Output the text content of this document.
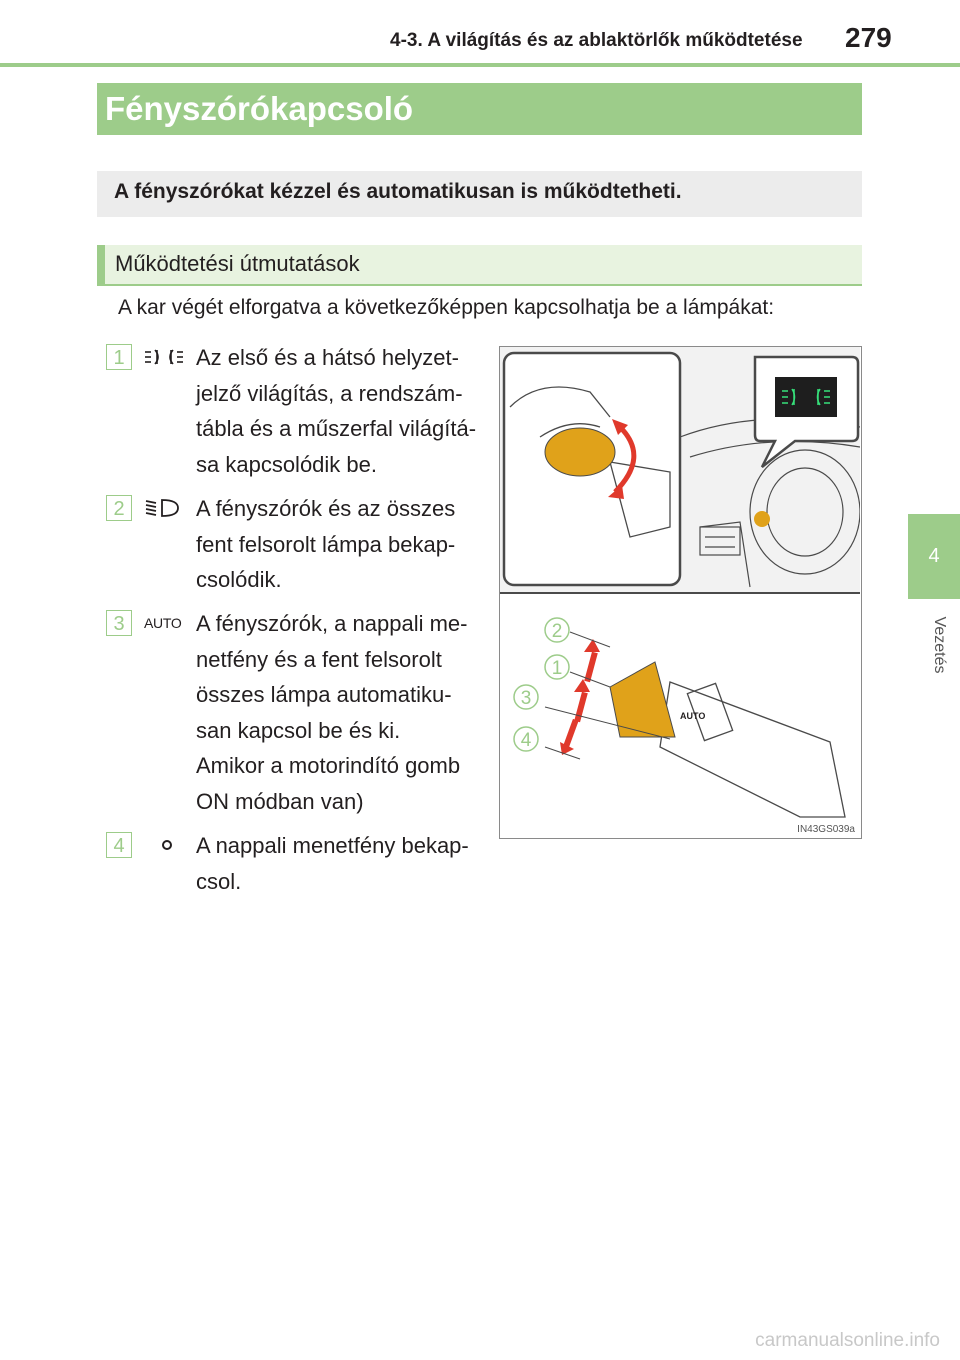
4-3. A világítás és az ablaktörlők működtetése 279
Fényszórókapcsoló
A fényszórókat kézzel és automatikusan is működtetheti.
Működtetési útmutatások
A kar végét elforgatva a következőképpen kapcsolhatja be a lámpákat:
1	Az első és a hátsó helyzet-
jelző világítás, a rendszám-
tábla és a műszerfal világítá-
sa kapcsolódik be.

2	A fényszórók és az összes
fent felsorolt lámpa bekap-
csolódik.

3	AUTO A fényszórók, a nappali me-
netfény és a fent felsorolt
összes lámpa automatiku-
san kapcsol be és ki.
Amikor a motorindító gomb
ON módban van)

4	A nappali menetfény bekap-
csol.

AUTO
2
1
3
4
IN43GS039a
4
Vezetés
carmanualsonline.info
